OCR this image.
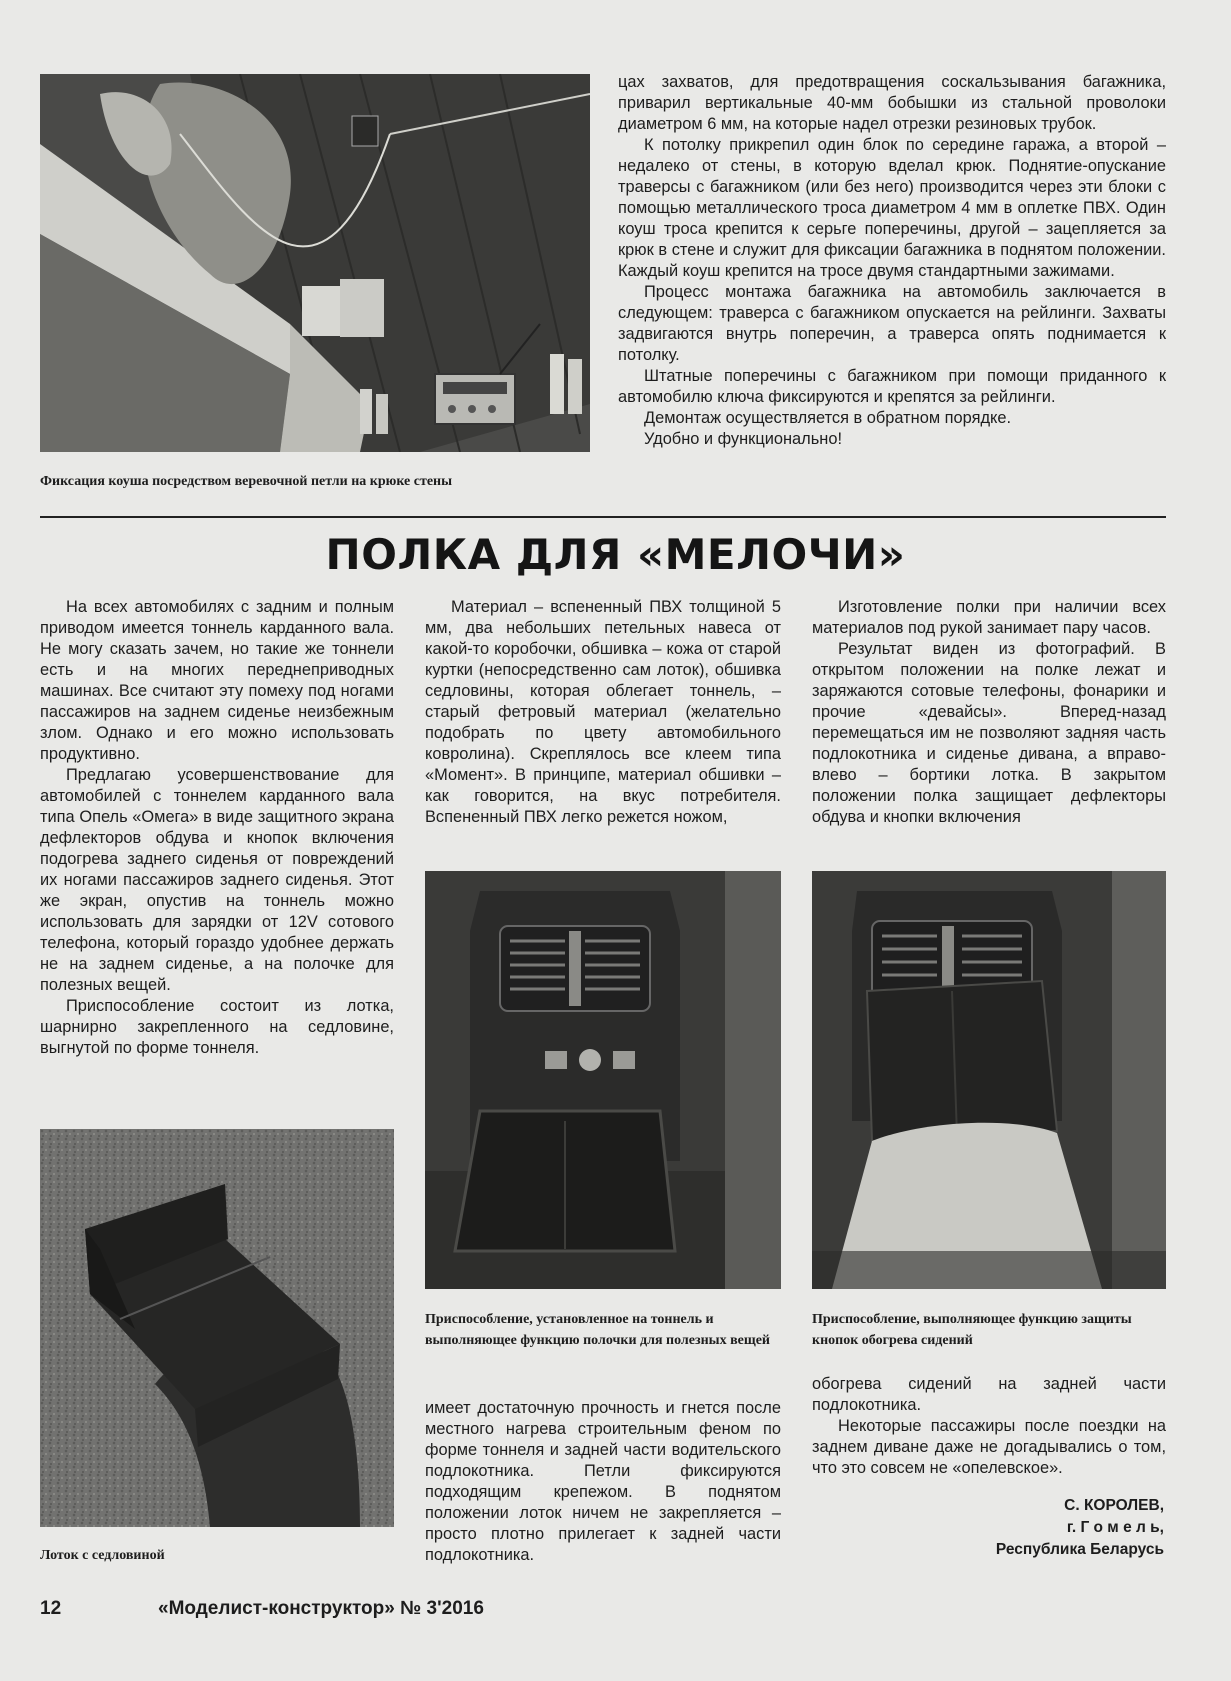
Фиксация коуша посредством веревочной петли на крюке стены

цах захватов, для предотвращения соскальзывания багажника, приварил вертикальные 40-мм бобышки из стальной проволоки диаметром 6 мм, на которые надел отрезки резиновых трубок.

К потолку прикрепил один блок по середине гаража, а второй – недалеко от стены, в которую вделал крюк. Поднятие-опускание траверсы с багажником (или без него) производится через эти блоки с помощью металлического троса диаметром 4 мм в оплетке ПВХ. Один коуш троса крепится к серьге поперечины, другой – зацепляется за крюк в стене и служит для фиксации багажника в поднятом положении. Каждый коуш крепится на тросе двумя стандартными зажимами.

Процесс монтажа багажника на автомобиль заключается в следующем: траверса с багажником опускается на рейлинги. Захваты задвигаются внутрь поперечин, а траверса опять поднимается к потолку.

Штатные поперечины с багажником при помощи приданного к автомобилю ключа фиксируются и крепятся за рейлинги.

Демонтаж осуществляется в обратном порядке.

Удобно и функционально!

ПОЛКА ДЛЯ «МЕЛОЧИ»

На всех автомобилях с задним и полным приводом имеется тоннель карданного вала. Не могу сказать зачем, но такие же тоннели есть и на многих переднеприводных машинах. Все считают эту помеху под ногами пассажиров на заднем сиденье неизбежным злом. Однако и его можно использовать продуктивно.

Предлагаю усовершенствование для автомобилей с тоннелем карданного вала типа Опель «Омега» в виде защитного экрана дефлекторов обдува и кнопок включения подогрева заднего сиденья от повреждений их ногами пассажиров заднего сиденья. Этот же экран, опустив на тоннель можно использовать для зарядки от 12V сотового телефона, который гораздо удобнее держать не на заднем сиденье, а на полочке для полезных вещей.

Приспособление состоит из лотка, шарнирно закрепленного на седловине, выгнутой по форме тоннеля.

Лоток с седловиной

Материал – вспененный ПВХ толщиной 5 мм, два небольших петельных навеса от какой-то коробочки, обшивка – кожа от старой куртки (непосредственно сам лоток), обшивка седловины, которая облегает тоннель, – старый фетровый материал (желательно подобрать по цвету автомобильного ковролина). Скреплялось все клеем типа «Момент». В принципе, материал обшивки – как говорится, на вкус потребителя. Вспененный ПВХ легко режется ножом,

Приспособление, установленное на тоннель и выполняющее функцию полочки для полезных вещей

имеет достаточную прочность и гнется после местного нагрева строительным феном по форме тоннеля и задней части водительского подлокотника. Петли фиксируются подходящим крепежом. В поднятом положении лоток ничем не закрепляется – просто плотно прилегает к задней части подлокотника.

Изготовление полки при наличии всех материалов под рукой занимает пару часов.

Результат виден из фотографий. В открытом положении на полке лежат и заряжаются сотовые телефоны, фонарики и прочие «девайсы». Вперед-назад перемещаться им не позволяют задняя часть подлокотника и сиденье дивана, а вправо-влево – бортики лотка. В закрытом положении полка защищает дефлекторы обдува и кнопки включения

Приспособление, выполняющее функцию защиты кнопок обогрева сидений

обогрева сидений на задней части подлокотника.

Некоторые пассажиры после поездки на заднем диване даже не догадывались о том, что это совсем не «опелевское».

С. КОРОЛЕВ,
г. Г о м е л ь,
Республика Беларусь
12	«Моделист-конструктор» № 3'2016
